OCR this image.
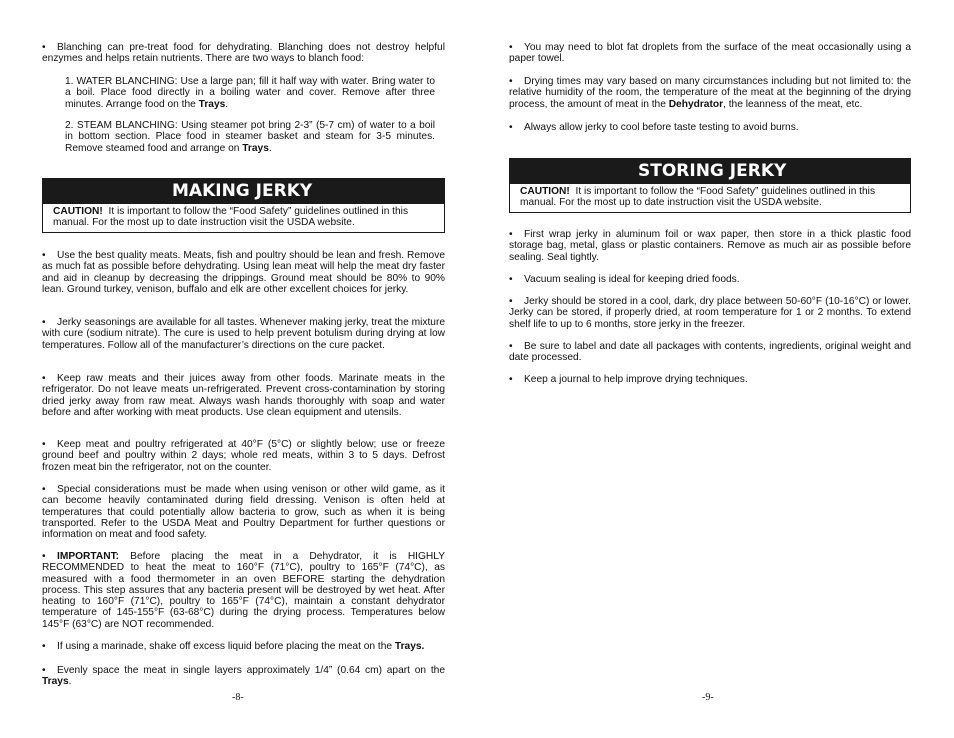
• Blanching can pre-treat food for dehydrating. Blanching does not destroy helpful enzymes and helps retain nutrients. There are two ways to blanch food:

1. WATER BLANCHING: Use a large pan; fill it half way with water. Bring water to a boil. Place food directly in a boiling water and cover. Remove after three minutes. Arrange food on the Trays.

2. STEAM BLANCHING: Using steamer pot bring 2-3” (5-7 cm) of water to a boil in bottom section. Place food in steamer basket and steam for 3-5 minutes. Remove steamed food and arrange on Trays.

MAKING JERKY
CAUTION! It is important to follow the “Food Safety” guidelines outlined in this manual. For the most up to date instruction visit the USDA website.

• Use the best quality meats. Meats, fish and poultry should be lean and fresh. Remove as much fat as possible before dehydrating. Using lean meat will help the meat dry faster and aid in cleanup by decreasing the drippings. Ground meat should be 80% to 90% lean. Ground turkey, venison, buffalo and elk are other excellent choices for jerky.

• Jerky seasonings are available for all tastes. Whenever making jerky, treat the mixture with cure (sodium nitrate). The cure is used to help prevent botulism during drying at low temperatures. Follow all of the manufacturer’s directions on the cure packet.

• Keep raw meats and their juices away from other foods. Marinate meats in the refrigerator. Do not leave meats un-refrigerated. Prevent cross-contamination by storing dried jerky away from raw meat. Always wash hands thoroughly with soap and water before and after working with meat products. Use clean equipment and utensils.

• Keep meat and poultry refrigerated at 40°F (5°C) or slightly below; use or freeze ground beef and poultry within 2 days; whole red meats, within 3 to 5 days. Defrost frozen meat bin the refrigerator, not on the counter.

• Special considerations must be made when using venison or other wild game, as it can become heavily contaminated during field dressing. Venison is often held at temperatures that could potentially allow bacteria to grow, such as when it is being transported. Refer to the USDA Meat and Poultry Department for further questions or information on meat and food safety.

• IMPORTANT: Before placing the meat in a Dehydrator, it is HIGHLY RECOMMENDED to heat the meat to 160°F (71°C), poultry to 165°F (74°C), as measured with a food thermometer in an oven BEFORE starting the dehydration process. This step assures that any bacteria present will be destroyed by wet heat. After heating to 160°F (71°C), poultry to 165°F (74°C), maintain a constant dehydrator temperature of 145-155°F (63-68°C) during the drying process. Temperatures below 145°F (63°C) are NOT recommended.

• If using a marinade, shake off excess liquid before placing the meat on the Trays.

• Evenly space the meat in single layers approximately 1/4” (0.64 cm) apart on the Trays.

-8-

• You may need to blot fat droplets from the surface of the meat occasionally using a paper towel.

• Drying times may vary based on many circumstances including but not limited to: the relative humidity of the room, the temperature of the meat at the beginning of the drying process, the amount of meat in the Dehydrator, the leanness of the meat, etc.

• Always allow jerky to cool before taste testing to avoid burns.

STORING JERKY
CAUTION! It is important to follow the “Food Safety” guidelines outlined in this manual. For the most up to date instruction visit the USDA website.

• First wrap jerky in aluminum foil or wax paper, then store in a thick plastic food storage bag, metal, glass or plastic containers. Remove as much air as possible before sealing. Seal tightly.

• Vacuum sealing is ideal for keeping dried foods.

• Jerky should be stored in a cool, dark, dry place between 50-60°F (10-16°C) or lower. Jerky can be stored, if properly dried, at room temperature for 1 or 2 months. To extend shelf life to up to 6 months, store jerky in the freezer.

• Be sure to label and date all packages with contents, ingredients, original weight and date processed.

• Keep a journal to help improve drying techniques.

-9-
